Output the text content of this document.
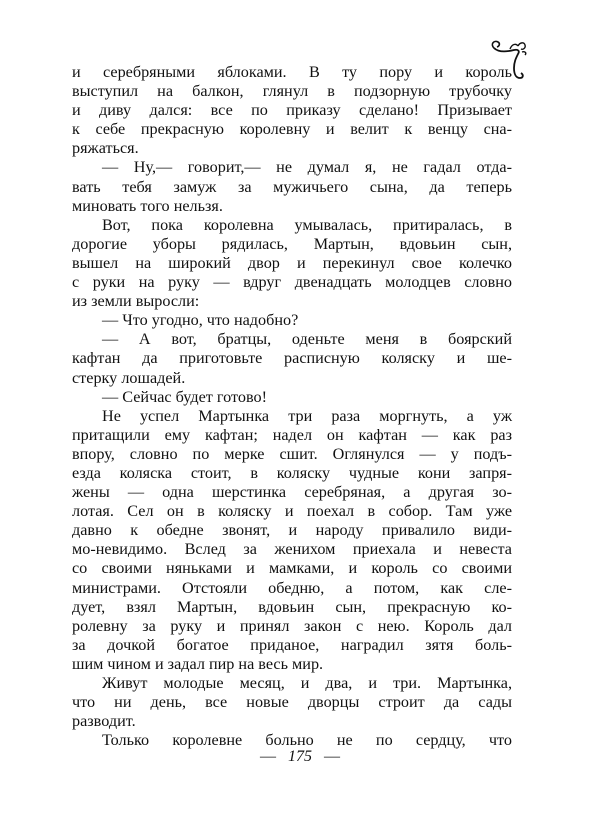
и серебряными яблоками. В ту пору и король
выступил на балкон, глянул в подзорную трубочку
и диву дался: все по приказу сделано! Призывает
к себе прекрасную королевну и велит к венцу сна-
ряжаться.
— Ну,— говорит,— не думал я, не гадал отда-
вать тебя замуж за мужичьего сына, да теперь
миновать того нельзя.
Вот, пока королевна умывалась, притиралась, в
дорогие уборы рядилась, Мартын, вдовьин сын,
вышел на широкий двор и перекинул свое колечко
с руки на руку — вдруг двенадцать молодцев словно
из земли выросли:
— Что угодно, что надобно?
— А вот, братцы, оденьте меня в боярский
кафтан да приготовьте расписную коляску и ше-
стерку лошадей.
— Сейчас будет готово!
Не успел Мартынка три раза моргнуть, а уж
притащили ему кафтан; надел он кафтан — как раз
впору, словно по мерке сшит. Оглянулся — у подъ-
езда коляска стоит, в коляску чудные кони запря-
жены — одна шерстинка серебряная, а другая зо-
лотая. Сел он в коляску и поехал в собор. Там уже
давно к обедне звонят, и народу привалило види-
мо-невидимо. Вслед за женихом приехала и невеста
со своими няньками и мамками, и король со своими
министрами. Отстояли обедню, а потом, как сле-
дует, взял Мартын, вдовьин сын, прекрасную ко-
ролевну за руку и принял закон с нею. Король дал
за дочкой богатое приданое, наградил зятя боль-
шим чином и задал пир на весь мир.
Живут молодые месяц, и два, и три. Мартынка,
что ни день, все новые дворцы строит да сады
разводит.
Только королевне больно не по сердцу, что
— 175 —
